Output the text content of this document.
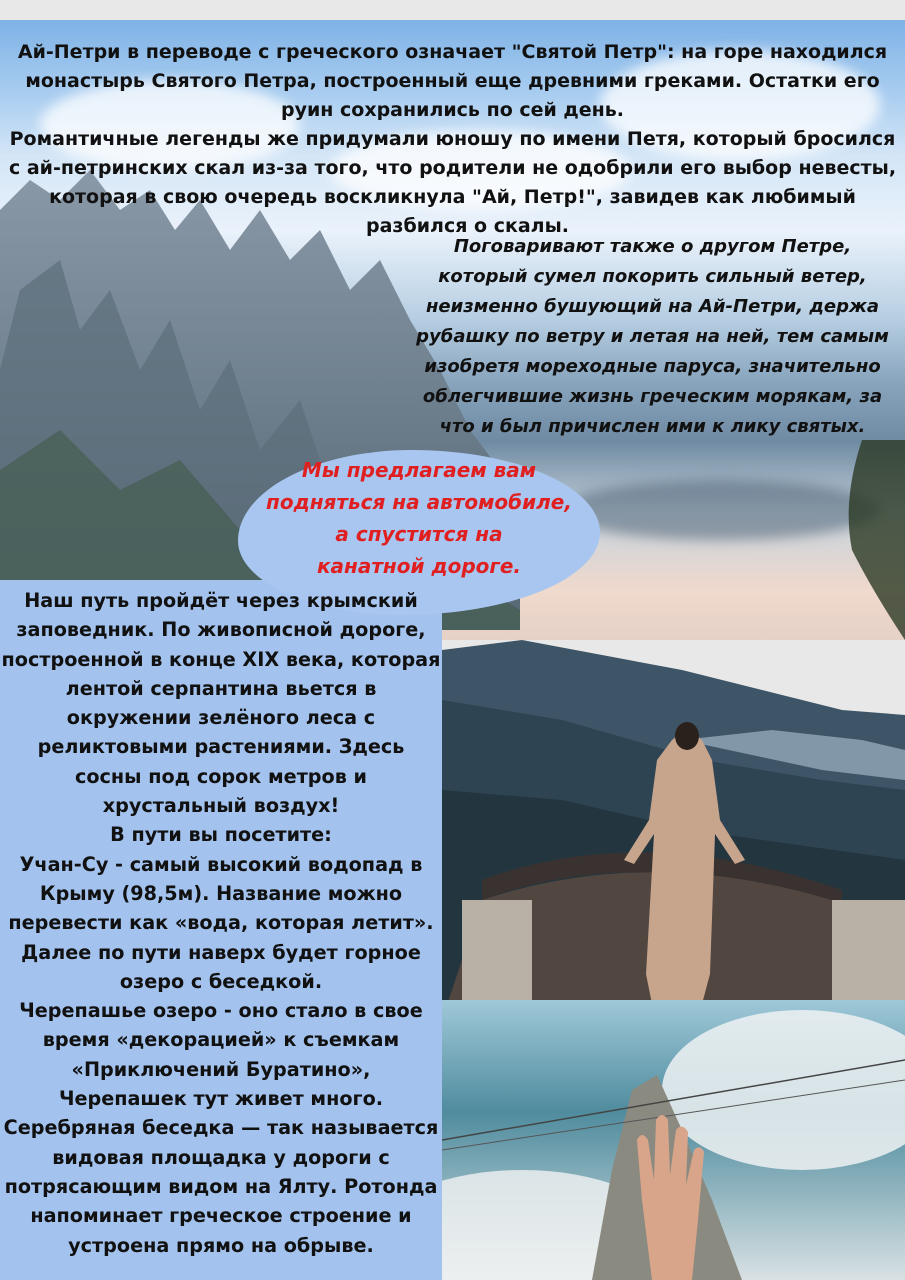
Ай-Петри в переводе с греческого означает "Святой Петр": на горе находился

монастырь Святого Петра, построенный еще древними греками. Остатки его

руин сохранились по сей день.

Романтичные легенды же придумали юношу по имени Петя, который бросился

с ай-петринских скал из-за того, что родители не одобрили его выбор невесты,

которая в свою очередь воскликнула "Ай, Петр!", завидев как любимый

разбился о скалы.

Поговаривают также о другом Петре,

который сумел покорить сильный ветер,

неизменно бушующий на Ай-Петри, держа

рубашку по ветру и летая на ней, тем самым

изобретя мореходные паруса, значительно

облегчившие жизнь греческим морякам, за

что и был причислен ими к лику святых.

Мы предлагаем вам

подняться на автомобиле,

а спустится на

канатной дороге.

Наш путь пройдёт через крымский

заповедник. По живописной дороге,

построенной в конце XIX века, которая

лентой серпантина вьется в

окружении зелёного леса с

реликтовыми растениями. Здесь

сосны под сорок метров и

хрустальный воздух!

В пути вы посетите:

Учан-Су - самый высокий водопад в

Крыму (98,5м). Название можно

перевести как «вода, которая летит».

Далее по пути наверх будет горное

озеро с беседкой.

Черепашье озеро - оно стало в свое

время «декорацией» к съемкам

«Приключений Буратино»,

Черепашек тут живет много.

Серебряная беседка — так называется

видовая площадка у дороги с

потрясающим видом на Ялту. Ротонда

напоминает греческое строение и

устроена прямо на обрыве.
